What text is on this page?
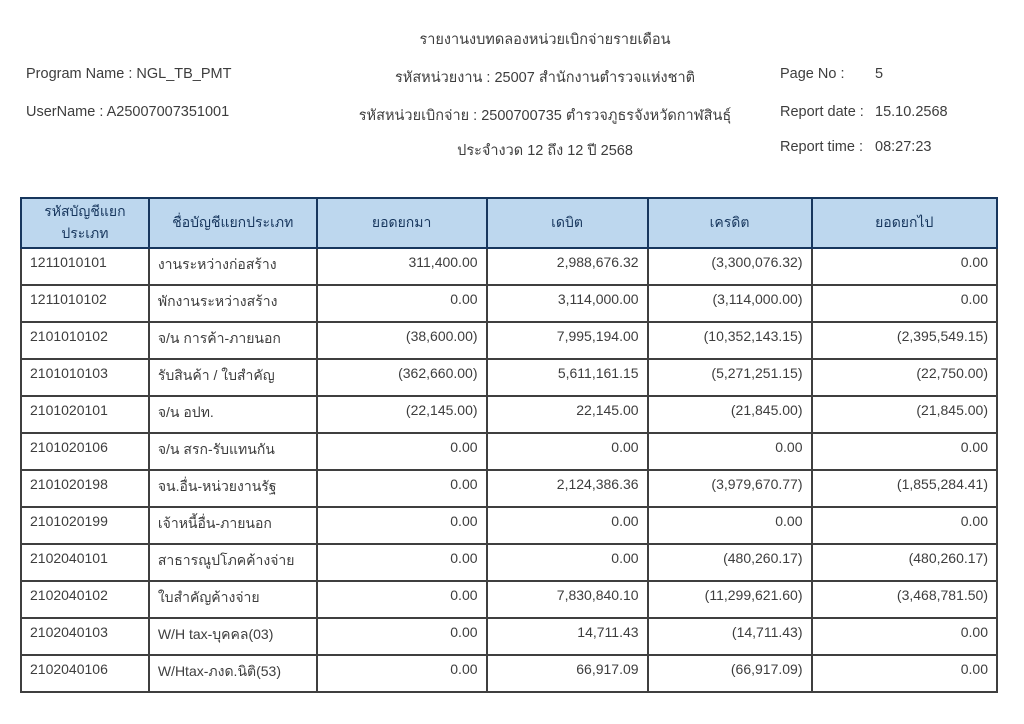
รายงานงบทดลองหน่วยเบิกจ่ายรายเดือน
Program Name : NGL_TB_PMT	รหัสหน่วยงาน : 25007 สำนักงานตำรวจแห่งชาติ	Page No : 5
UserName : A25007007351001	รหัสหน่วยเบิกจ่าย : 2500700735 ตำรวจภูธรจังหวัดกาฬสินธุ์	Report date : 15.10.2568
ประจำงวด 12 ถึง 12 ปี 2568	Report time : 08:27:23
รหัสบัญชีแยกประเภท	ชื่อบัญชีแยกประเภท	ยอดยกมา	เดบิต	เครดิต	ยอดยกไป
1211010101	งานระหว่างก่อสร้าง	311,400.00	2,988,676.32	(3,300,076.32)	0.00
1211010102	พักงานระหว่างสร้าง	0.00	3,114,000.00	(3,114,000.00)	0.00
2101010102	จ/น การค้า-ภายนอก	(38,600.00)	7,995,194.00	(10,352,143.15)	(2,395,549.15)
2101010103	รับสินค้า / ใบสำคัญ	(362,660.00)	5,611,161.15	(5,271,251.15)	(22,750.00)
2101020101	จ/น อปท.	(22,145.00)	22,145.00	(21,845.00)	(21,845.00)
2101020106	จ/น สรก-รับแทนกัน	0.00	0.00	0.00	0.00
2101020198	จน.อื่น-หน่วยงานรัฐ	0.00	2,124,386.36	(3,979,670.77)	(1,855,284.41)
2101020199	เจ้าหนี้อื่น-ภายนอก	0.00	0.00	0.00	0.00
2102040101	สาธารณูปโภคค้างจ่าย	0.00	0.00	(480,260.17)	(480,260.17)
2102040102	ใบสำคัญค้างจ่าย	0.00	7,830,840.10	(11,299,621.60)	(3,468,781.50)
2102040103	W/H tax-บุคคล(03)	0.00	14,711.43	(14,711.43)	0.00
2102040106	W/Htax-ภงด.นิติ(53)	0.00	66,917.09	(66,917.09)	0.00
